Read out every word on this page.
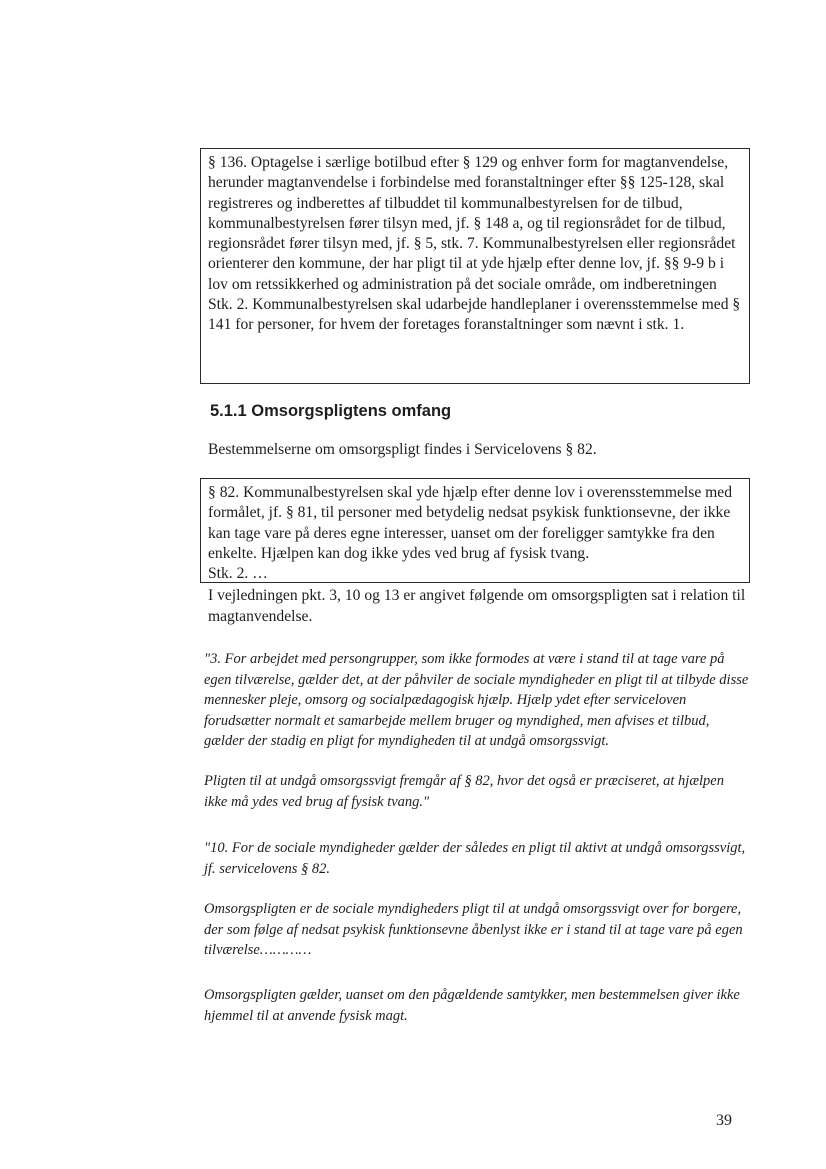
§ 136. Optagelse i særlige botilbud efter § 129 og enhver form for magtanvendelse, herunder magtanvendelse i forbindelse med foranstaltninger efter §§ 125-128, skal registreres og indberettes af tilbuddet til kommunalbestyrelsen for de tilbud, kommunalbestyrelsen fører tilsyn med, jf. § 148 a, og til regionsrådet for de tilbud, regionsrådet fører tilsyn med, jf. § 5, stk. 7. Kommunalbestyrelsen eller regionsrådet orienterer den kommune, der har pligt til at yde hjælp efter denne lov, jf. §§ 9-9 b i lov om retssikkerhed og administration på det sociale område, om indberetningen

Stk. 2. Kommunalbestyrelsen skal udarbejde handleplaner i overensstemmelse med § 141 for personer, for hvem der foretages foranstaltninger som nævnt i stk. 1.

5.1.1 Omsorgspligtens omfang

Bestemmelserne om omsorgspligt findes i Servicelovens § 82.

§ 82. Kommunalbestyrelsen skal yde hjælp efter denne lov i overensstemmelse med formålet, jf. § 81, til personer med betydelig nedsat psykisk funktionsevne, der ikke kan tage vare på deres egne interesser, uanset om der foreligger samtykke fra den enkelte. Hjælpen kan dog ikke ydes ved brug af fysisk tvang.

Stk. 2. …

I vejledningen pkt. 3, 10 og 13 er angivet følgende om omsorgspligten sat i relation til magtanvendelse.

"3. For arbejdet med persongrupper, som ikke formodes at være i stand til at tage vare på egen tilværelse, gælder det, at der påhviler de sociale myndigheder en pligt til at tilbyde disse mennesker pleje, omsorg og socialpædagogisk hjælp. Hjælp ydet efter serviceloven forudsætter normalt et samarbejde mellem bruger og myndighed, men afvises et tilbud, gælder der stadig en pligt for myndigheden til at undgå omsorgssvigt.

Pligten til at undgå omsorgssvigt fremgår af § 82, hvor det også er præciseret, at hjælpen ikke må ydes ved brug af fysisk tvang."

"10. For de sociale myndigheder gælder der således en pligt til aktivt at undgå omsorgssvigt, jf. servicelovens § 82.

Omsorgspligten er de sociale myndigheders pligt til at undgå omsorgssvigt over for borgere, der som følge af nedsat psykisk funktionsevne åbenlyst ikke er i stand til at tage vare på egen tilværelse…………

Omsorgspligten gælder, uanset om den pågældende samtykker, men bestemmelsen giver ikke hjemmel til at anvende fysisk magt.

39
